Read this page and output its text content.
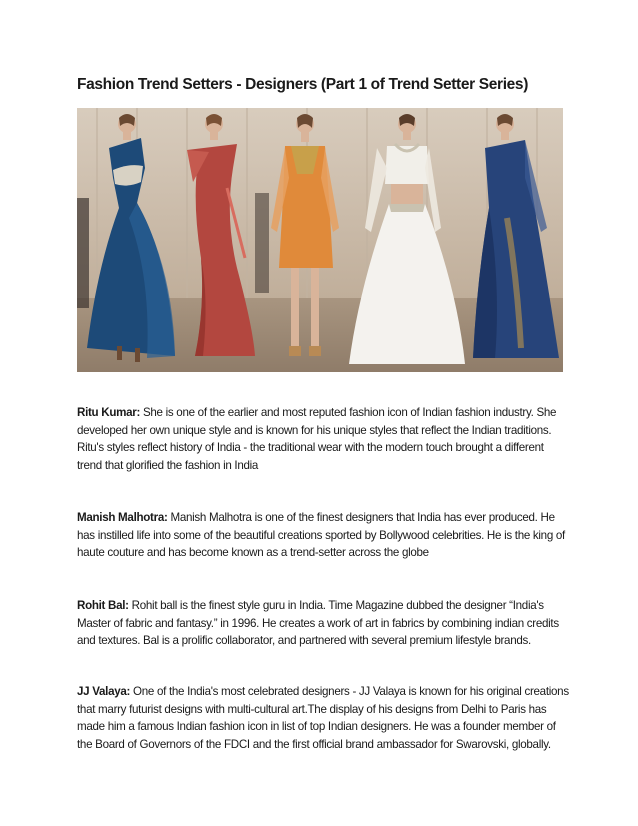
Fashion Trend Setters - Designers (Part 1 of Trend Setter Series)

Ritu Kumar: She is one of the earlier and most reputed fashion icon of Indian fashion industry. She developed her own unique style and is known for his unique styles that reflect the Indian traditions. Ritu's styles reflect history of India - the traditional wear with the modern touch brought a different trend that glorified the fashion in India

Manish Malhotra: Manish Malhotra is one of the finest designers that India has ever produced. He has instilled life into some of the beautiful creations sported by Bollywood celebrities. He is the king of haute couture and has become known as a trend-setter across the globe

Rohit Bal: Rohit ball is the finest style guru in India. Time Magazine dubbed the designer “India's Master of fabric and fantasy.” in 1996. He creates a work of art in fabrics by combining indian credits and textures. Bal is a prolific collaborator, and partnered with several premium lifestyle brands.

JJ Valaya: One of the India's most celebrated designers - JJ Valaya is known for his original creations that marry futurist designs with multi-cultural art.The display of his designs from Delhi to Paris has made him a famous Indian fashion icon in list of top Indian designers. He was a founder member of the Board of Governors of the FDCI and the first official brand ambassador for Swarovski, globally.
